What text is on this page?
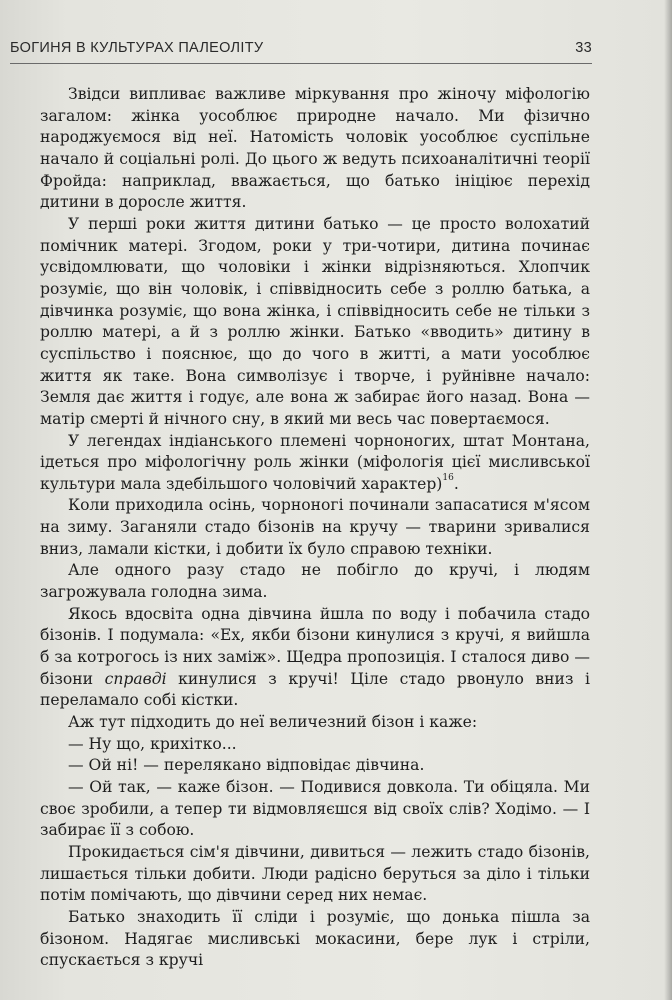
БОГИНЯ В КУЛЬТУРАХ ПАЛЕОЛІТУ	33

Звідси випливає важливе міркування про жіночу міфологію загалом: жінка уособлює природне начало. Ми фізично народжуємося від неї. Натомість чоловік уособлює суспільне начало й соціальні ролі. До цього ж ведуть психоаналітичні теорії Фройда: наприклад, вважається, що батько ініціює перехід дитини в доросле життя.

У перші роки життя дитини батько — це просто волохатий помічник матері. Згодом, роки у три-чотири, дитина починає усвідомлювати, що чоловіки і жінки відрізняються. Хлопчик розуміє, що він чоловік, і співвідносить себе з роллю батька, а дівчинка розуміє, що вона жінка, і співвідносить себе не тільки з роллю матері, а й з роллю жінки. Батько «вводить» дитину в суспільство і пояснює, що до чого в житті, а мати уособлює життя як таке. Вона символізує і творче, і руйнівне начало: Земля дає життя і годує, але вона ж забирає його назад. Вона — матір смерті й нічного сну, в який ми весь час повертаємося.

У легендах індіанського племені чорноногих, штат Монтана, ідеться про міфологічну роль жінки (міфологія цієї мисливської культури мала здебільшого чоловічий характер)$^{16}$.

Коли приходила осінь, чорноногі починали запасатися м'ясом на зиму. Заганяли стадо бізонів на кручу — тварини зривалися вниз, ламали кістки, і добити їх було справою техніки.

Але одного разу стадо не побігло до кручі, і людям загрожувала голодна зима.

Якось вдосвіта одна дівчина йшла по воду і побачила стадо бізонів. І подумала: «Ех, якби бізони кинулися з кручі, я вийшла б за котрогось із них заміж». Щедра пропозиція. І сталося диво — бізони справді кинулися з кручі! Ціле стадо рвонуло вниз і переламало собі кістки.

Аж тут підходить до неї величезний бізон і каже:

— Ну що, крихітко...

— Ой ні! — перелякано відповідає дівчина.

— Ой так, — каже бізон. — Подивися довкола. Ти обіцяла. Ми своє зробили, а тепер ти відмовляєшся від своїх слів? Ходімо. — І забирає її з собою.

Прокидається сім'я дівчини, дивиться — лежить стадо бізонів, лишається тільки добити. Люди радісно беруться за діло і тільки потім помічають, що дівчини серед них немає.

Батько знаходить її сліди і розуміє, що донька пішла за бізоном. Надягає мисливські мокасини, бере лук і стріли, спускається з кручі
